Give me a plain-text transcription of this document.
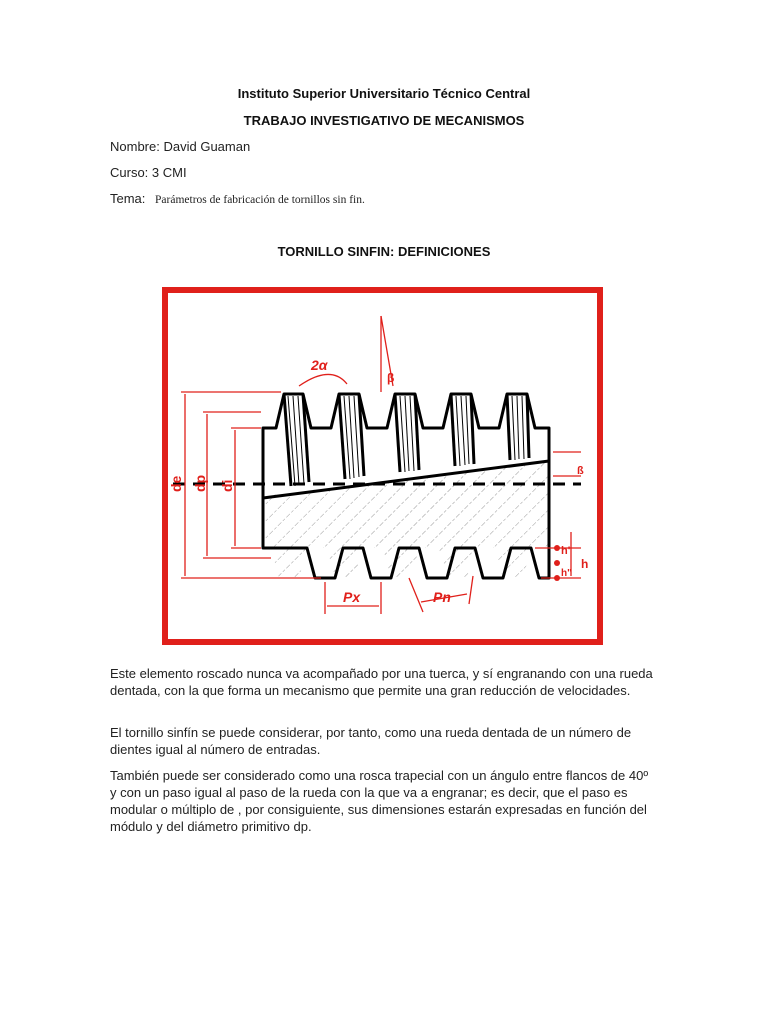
Instituto Superior Universitario Técnico Central
TRABAJO INVESTIGATIVO DE MECANISMOS
Nombre: David Guaman
Curso: 3 CMI
Tema: Parámetros de fabricación de tornillos sin fin.
TORNILLO SINFIN: DEFINICIONES
2α
β
de dp di
ß
h'
h
h"
Px	Pn
Este elemento roscado nunca va acompañado por una tuerca, y sí engranando con una rueda dentada, con la que forma un mecanismo que permite una gran reducción de velocidades.
El tornillo sinfín se puede considerar, por tanto, como una rueda dentada de un número de dientes igual al número de entradas.
También puede ser considerado como una rosca trapecial con un ángulo entre flancos de 40º y con un paso igual al paso de la rueda con la que va a engranar; es decir, que el paso es modular o múltiplo de , por consiguiente, sus dimensiones estarán expresadas en función del módulo y del diámetro primitivo dp.
